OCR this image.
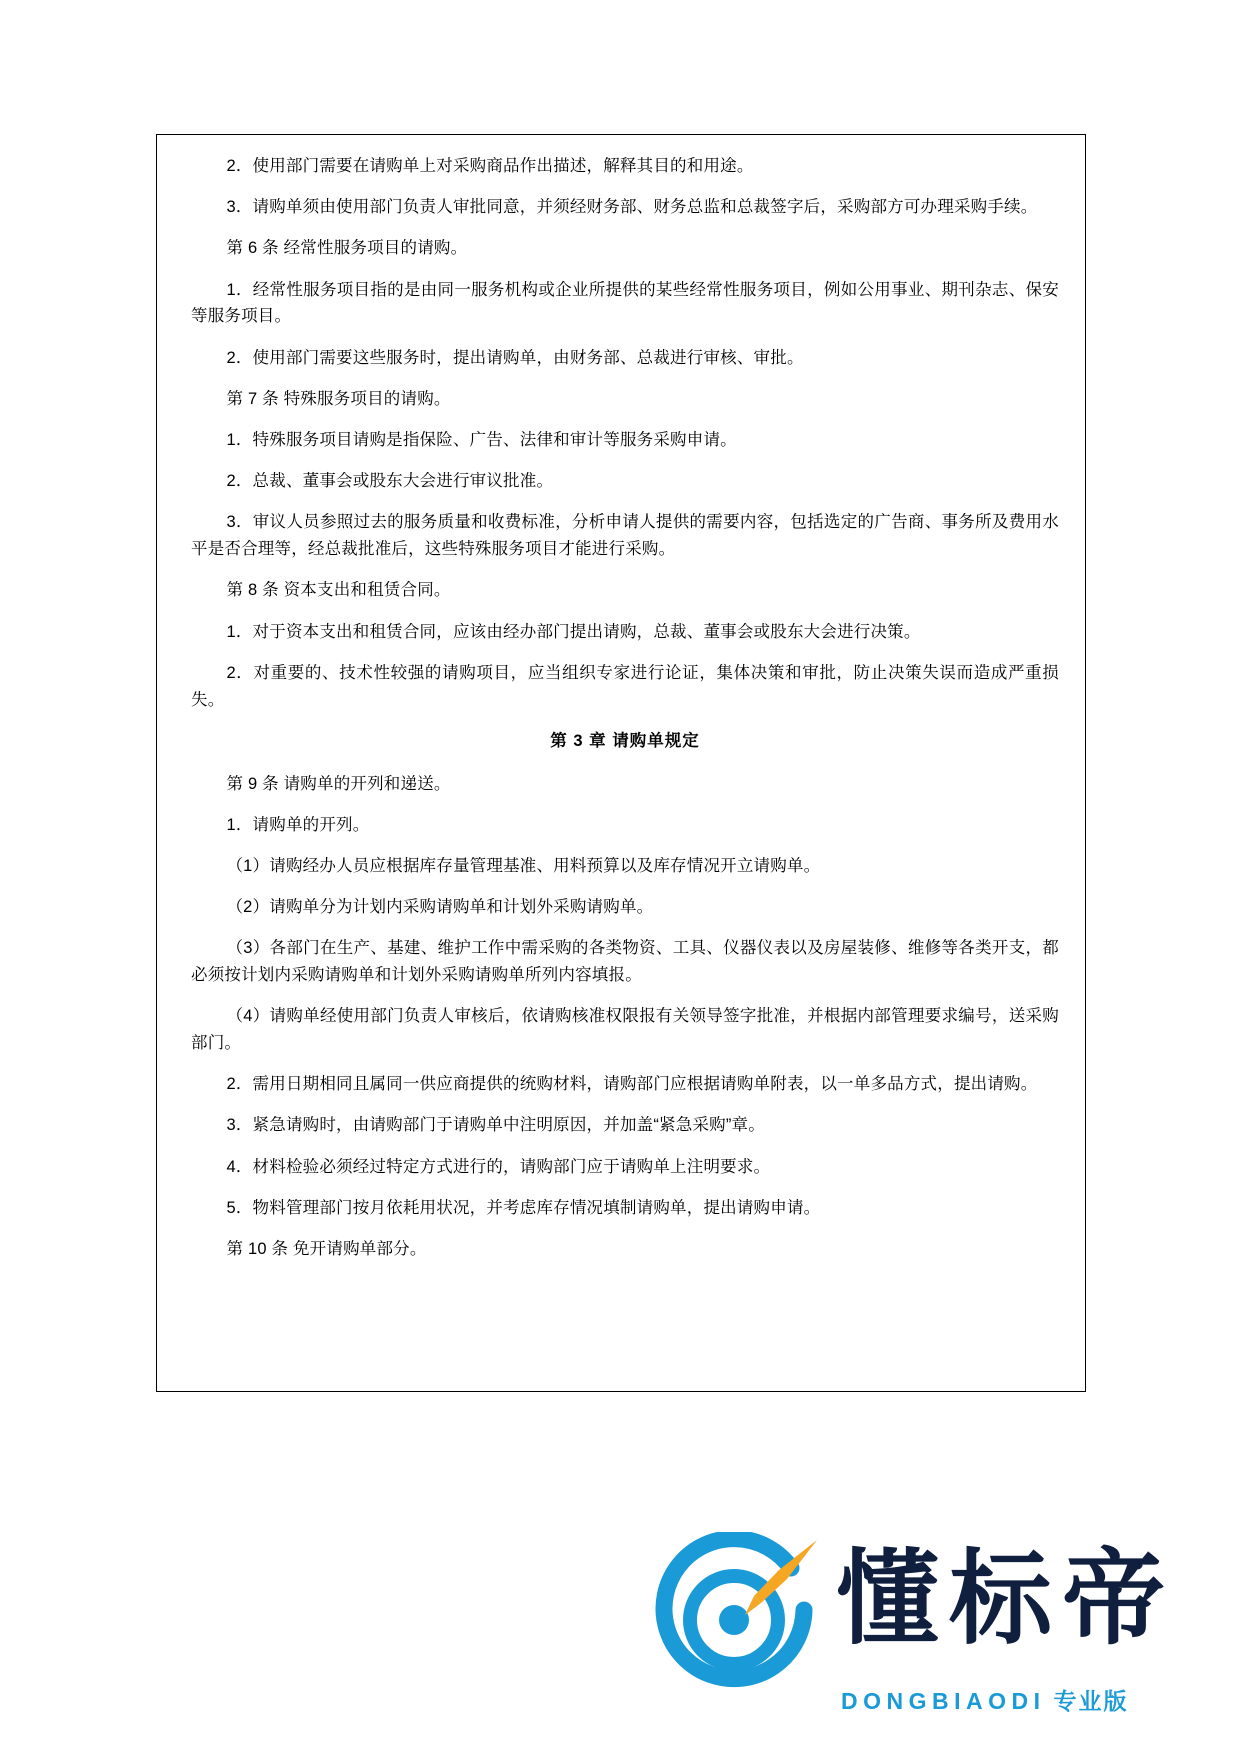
2．使用部门需要在请购单上对采购商品作出描述，解释其目的和用途。

3．请购单须由使用部门负责人审批同意，并须经财务部、财务总监和总裁签字后，采购部方可办理采购手续。

第 6 条 经常性服务项目的请购。

1．经常性服务项目指的是由同一服务机构或企业所提供的某些经常性服务项目，例如公用事业、期刊杂志、保安等服务项目。

2．使用部门需要这些服务时，提出请购单，由财务部、总裁进行审核、审批。

第 7 条 特殊服务项目的请购。

1．特殊服务项目请购是指保险、广告、法律和审计等服务采购申请。

2．总裁、董事会或股东大会进行审议批准。

3．审议人员参照过去的服务质量和收费标准，分析申请人提供的需要内容，包括选定的广告商、事务所及费用水平是否合理等，经总裁批准后，这些特殊服务项目才能进行采购。

第 8 条 资本支出和租赁合同。

1．对于资本支出和租赁合同，应该由经办部门提出请购，总裁、董事会或股东大会进行决策。

2．对重要的、技术性较强的请购项目，应当组织专家进行论证，集体决策和审批，防止决策失误而造成严重损失。

第 3 章 请购单规定

第 9 条 请购单的开列和递送。

1．请购单的开列。

（1）请购经办人员应根据库存量管理基准、用料预算以及库存情况开立请购单。

（2）请购单分为计划内采购请购单和计划外采购请购单。

（3）各部门在生产、基建、维护工作中需采购的各类物资、工具、仪器仪表以及房屋装修、维修等各类开支，都必须按计划内采购请购单和计划外采购请购单所列内容填报。

（4）请购单经使用部门负责人审核后，依请购核准权限报有关领导签字批准，并根据内部管理要求编号，送采购部门。

2．需用日期相同且属同一供应商提供的统购材料，请购部门应根据请购单附表，以一单多品方式，提出请购。

3．紧急请购时，由请购部门于请购单中注明原因，并加盖“紧急采购”章。

4．材料检验必须经过特定方式进行的，请购部门应于请购单上注明要求。

5．物料管理部门按月依耗用状况，并考虑库存情况填制请购单，提出请购申请。

第 10 条 免开请购单部分。

懂标帝
DONGBIAODI 专业版
